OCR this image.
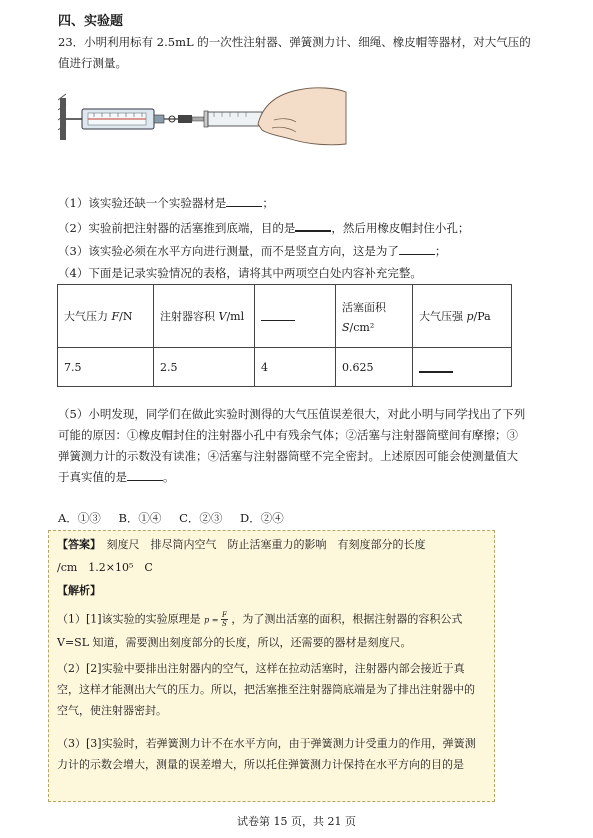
四、实验题
23．小明利用标有 2.5mL 的一次性注射器、弹簧测力计、细绳、橡皮帽等器材，对大气压的值进行测量。
（1）该实验还缺一个实验器材是	；
（2）实验前把注射器的活塞推到底端，目的是	，然后用橡皮帽封住小孔；
（3）该实验必须在水平方向进行测量，而不是竖直方向，这是为了	；
（4）下面是记录实验情况的表格，请将其中两项空白处内容补充完整。
大气压力 F/N	注射器容积 V/ml		活塞面积
S/cm²	大气压强 p/Pa
7.5	2.5	4	0.625	
（5）小明发现，同学们在做此实验时测得的大气压值误差很大，对此小明与同学找出了下列可能的原因：①橡皮帽封住的注射器小孔中有残余气体；②活塞与注射器筒壁间有摩擦；③弹簧测力计的示数没有读准；④活塞与注射器筒壁不完全密封。上述原因可能会使测量值大于真实值的是	。
A．①③ B．①④ C．②③ D．②④
【答案】　 刻度尺　排尽筒内空气　防止活塞重力的影响　有刻度部分的长度
/cm　1.2×10⁵　C
【解析】
（1）[1]该实验的实验原理是 $p = \frac{F}{S}$ ，为了测出活塞的面积，根据注射器的容积公式
V=SL 知道，需要测出刻度部分的长度，所以，还需要的器材是刻度尺。
（2）[2]实验中要排出注射器内的空气，这样在拉动活塞时，注射器内部会接近于真空，这样才能测出大气的压力。所以，把活塞推至注射器筒底端是为了排出注射器中的空气，使注射器密封。
（3）[3]实验时，若弹簧测力计不在水平方向，由于弹簧测力计受重力的作用，弹簧测力计的示数会增大，测量的误差增大，所以托住弹簧测力计保持在水平方向的目的是
试卷第 15 页，共 21 页
